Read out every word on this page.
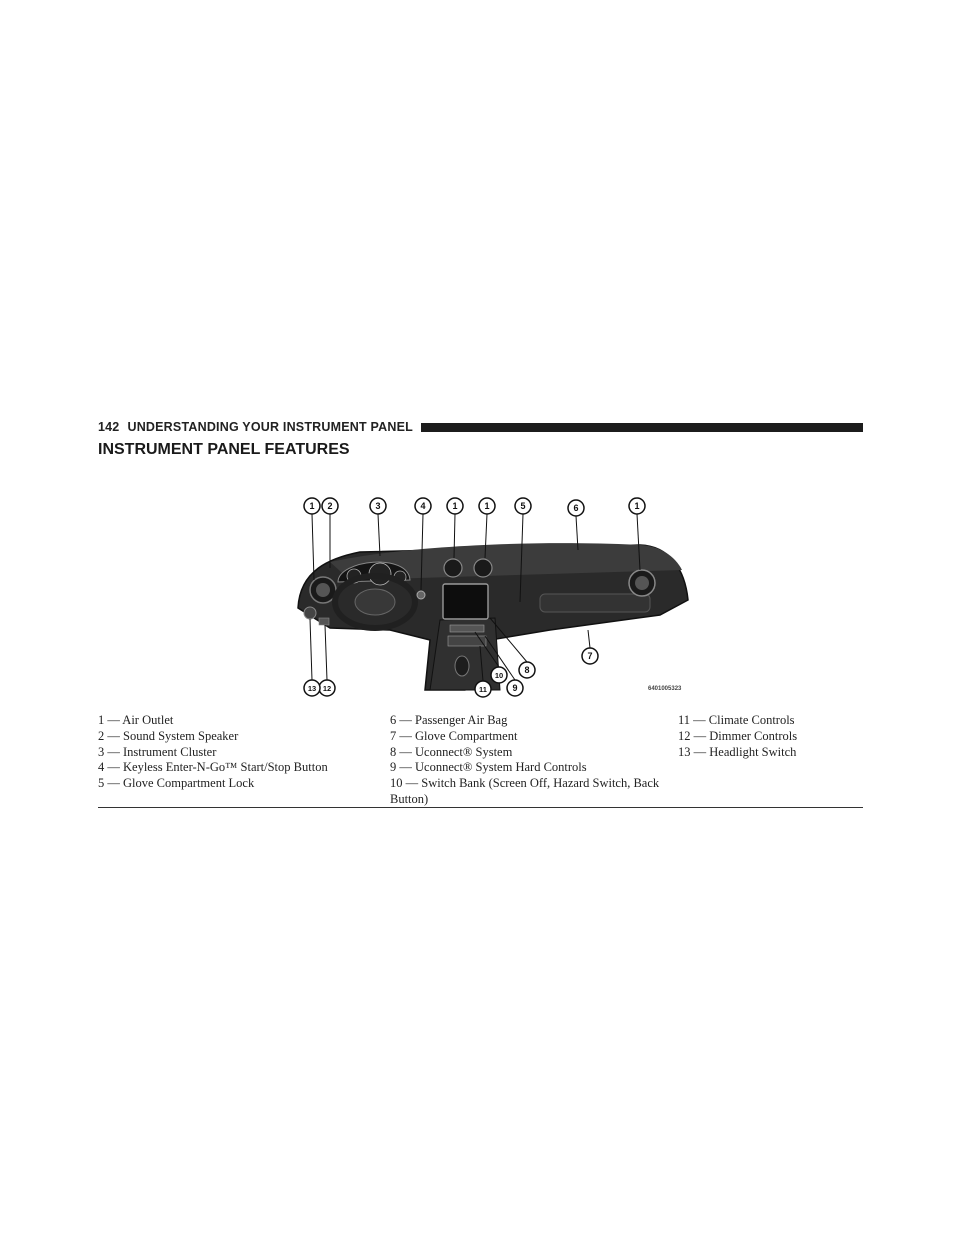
142 UNDERSTANDING YOUR INSTRUMENT PANEL
INSTRUMENT PANEL FEATURES
1 2	3	4	1	1	5	6	1
7
8
9
10
11
12
13	6401005323
1 — Air Outlet
2 — Sound System Speaker
3 — Instrument Cluster
4 — Keyless Enter-N-Go™ Start/Stop Button
5 — Glove Compartment Lock
6 — Passenger Air Bag
7 — Glove Compartment
8 — Uconnect® System
9 — Uconnect® System Hard Controls
10 — Switch Bank (Screen Off, Hazard Switch, Back Button)
11 — Climate Controls
12 — Dimmer Controls
13 — Headlight Switch
